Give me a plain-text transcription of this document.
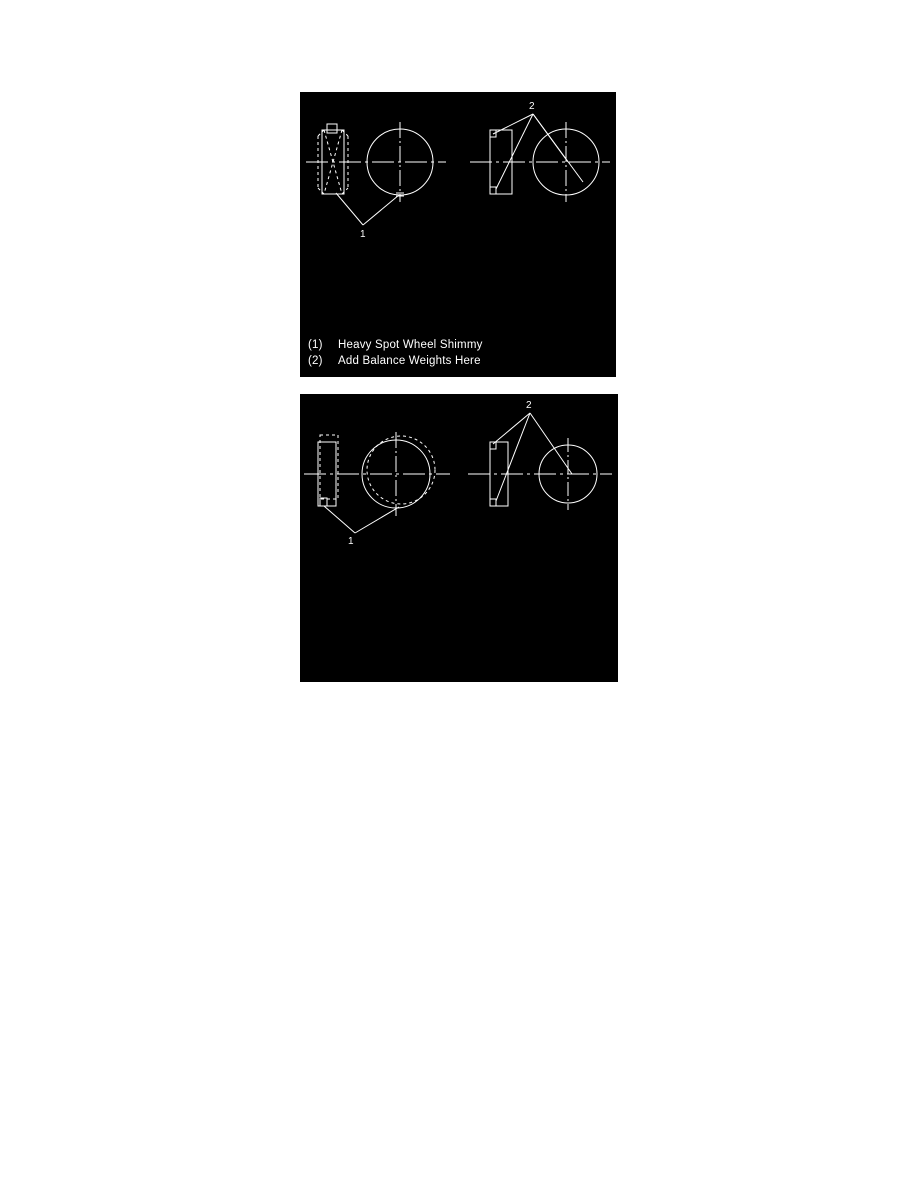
1
2
(1) Heavy Spot Wheel Shimmy
(2) Add Balance Weights Here
1
2
(1) Heavy Spot Wheel Hop
(2) Add Balance Weights Here
